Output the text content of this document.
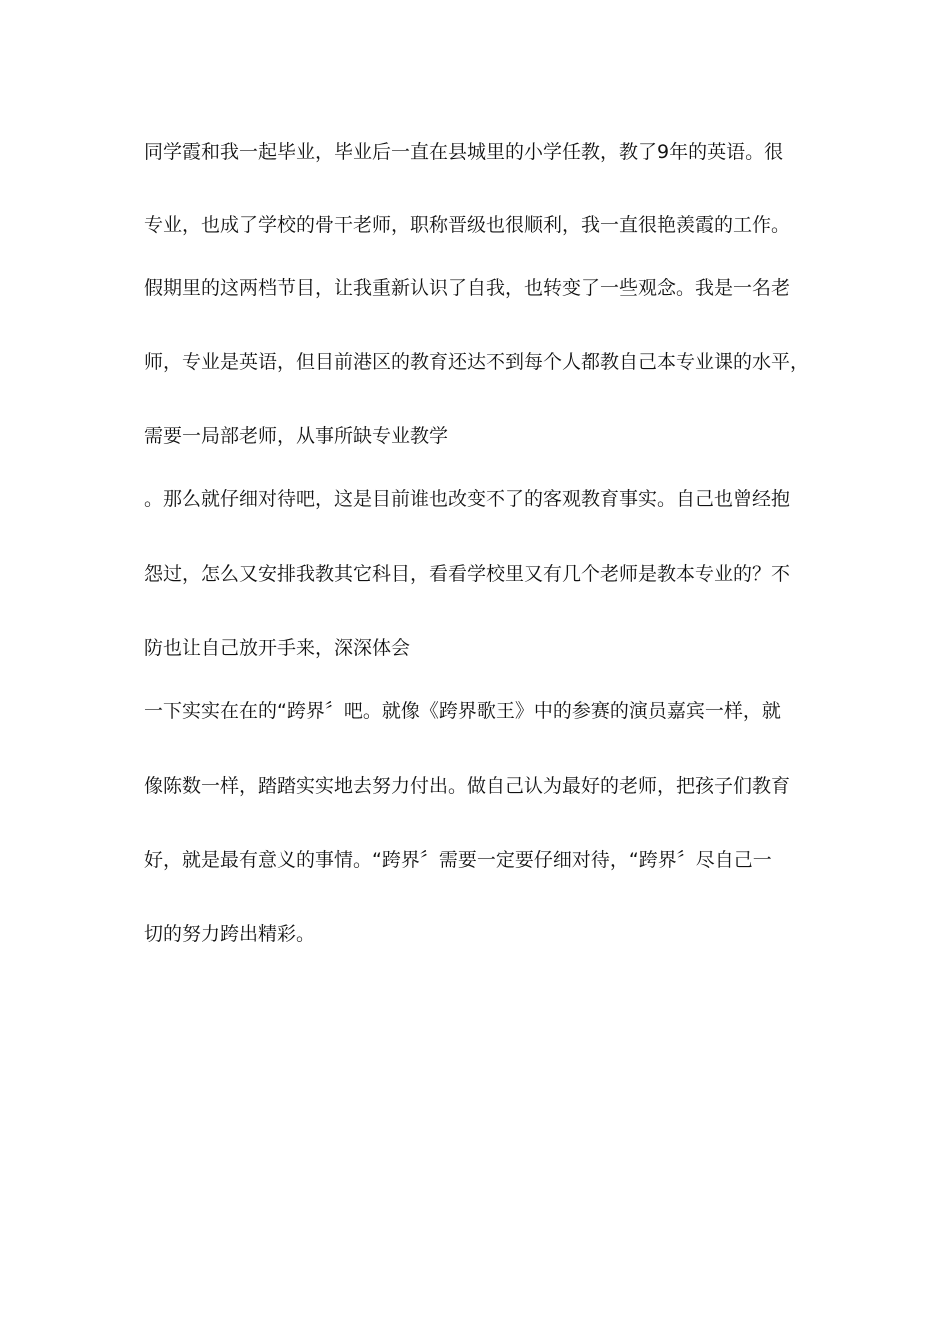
同学霞和我一起毕业，毕业后一直在县城里的小学任教，教了9年的英语。很
专业，也成了学校的骨干老师，职称晋级也很顺利，我一直很艳羡霞的工作。
假期里的这两档节目，让我重新认识了自我，也转变了一些观念。我是一名老
师，专业是英语，但目前港区的教育还达不到每个人都教自己本专业课的水平，
需要一局部老师，从事所缺专业教学
。那么就仔细对待吧，这是目前谁也改变不了的客观教育事实。自己也曾经抱
怨过，怎么又安排我教其它科目，看看学校里又有几个老师是教本专业的？不
防也让自己放开手来，深深体会
一下实实在在的“跨界〞吧。就像《跨界歌王》中的参赛的演员嘉宾一样，就
像陈数一样，踏踏实实地去努力付出。做自己认为最好的老师，把孩子们教育
好，就是最有意义的事情。“跨界〞需要一定要仔细对待，“跨界〞尽自己一
切的努力跨出精彩。
